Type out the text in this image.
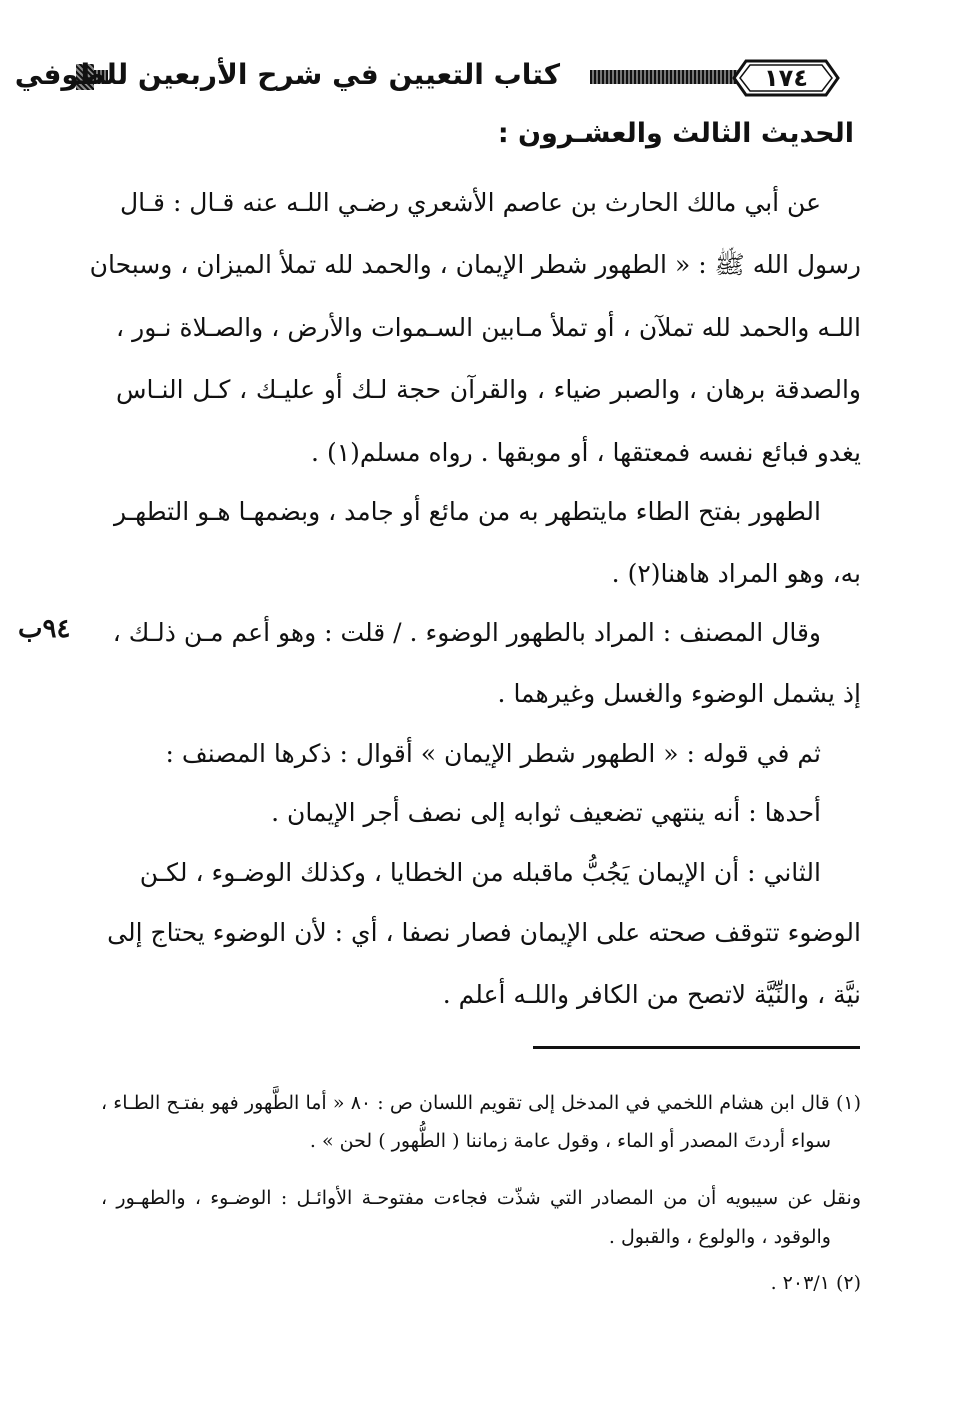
كتاب التعيين في شرح الأربعين للطوفي	١٧٤
الحديث الثالث والعشـرون :
عن أبي مالك الحارث بن عاصم الأشعري رضـي اللـه عنه قـال : قـال
رسول الله ﷺ : « الطهور شطر الإيمان ، والحمد لله تملأ الميزان ، وسبحان
اللـه والحمد لله تملآن ، أو تملأ مـابين السـموات والأرض ، والصـلاة نـور ،
والصدقة برهان ، والصبر ضياء ، والقرآن حجة لـك أو عليـك ، كـل النـاس
يغدو فبائع نفسه فمعتقها ، أو موبقها . رواه مسلم(١) .
الطهور بفتح الطاء مايتطهر به من مائع أو جامد ، وبضمهـا هـو التطهـر
به، وهو المراد هاهنا(٢) .
وقال المصنف : المراد بالطهور الوضوء . / قلت : وهو أعم مـن ذلـك ،
٩٤ب
إذ يشمل الوضوء والغسل وغيرهما .
ثم في قوله : « الطهور شطر الإيمان » أقوال : ذكرها المصنف :
أحدها : أنه ينتهي تضعيف ثوابه إلى نصف أجر الإيمان .
الثاني : أن الإيمان يَجُبُّ ماقبله من الخطايا ، وكذلك الوضـوء ، لكـن
الوضوء تتوقف صحته على الإيمان فصار نصفا ، أي : لأن الوضوء يحتاج إلى
نيَّة ، والنِّيَّة لاتصح من الكافر واللـه أعلم .
(١) قال ابن هشام اللخمي في المدخل إلى تقويم اللسان ص : ٨٠ « أما الطَّهور فهو بفتـح الطـاء ،
سواء أردتَ المصدر أو الماء ، وقول عامة زماننا ( الطُّهور ) لحن » .
ونقل عن سيبويه أن من المصادر التي شذّت فجاءت مفتوحـة الأوائـل : الوضـوء ، والطهـور ،
والوقود ، والولوع ، والقبول .
(٢) ٢٠٣/١ .
